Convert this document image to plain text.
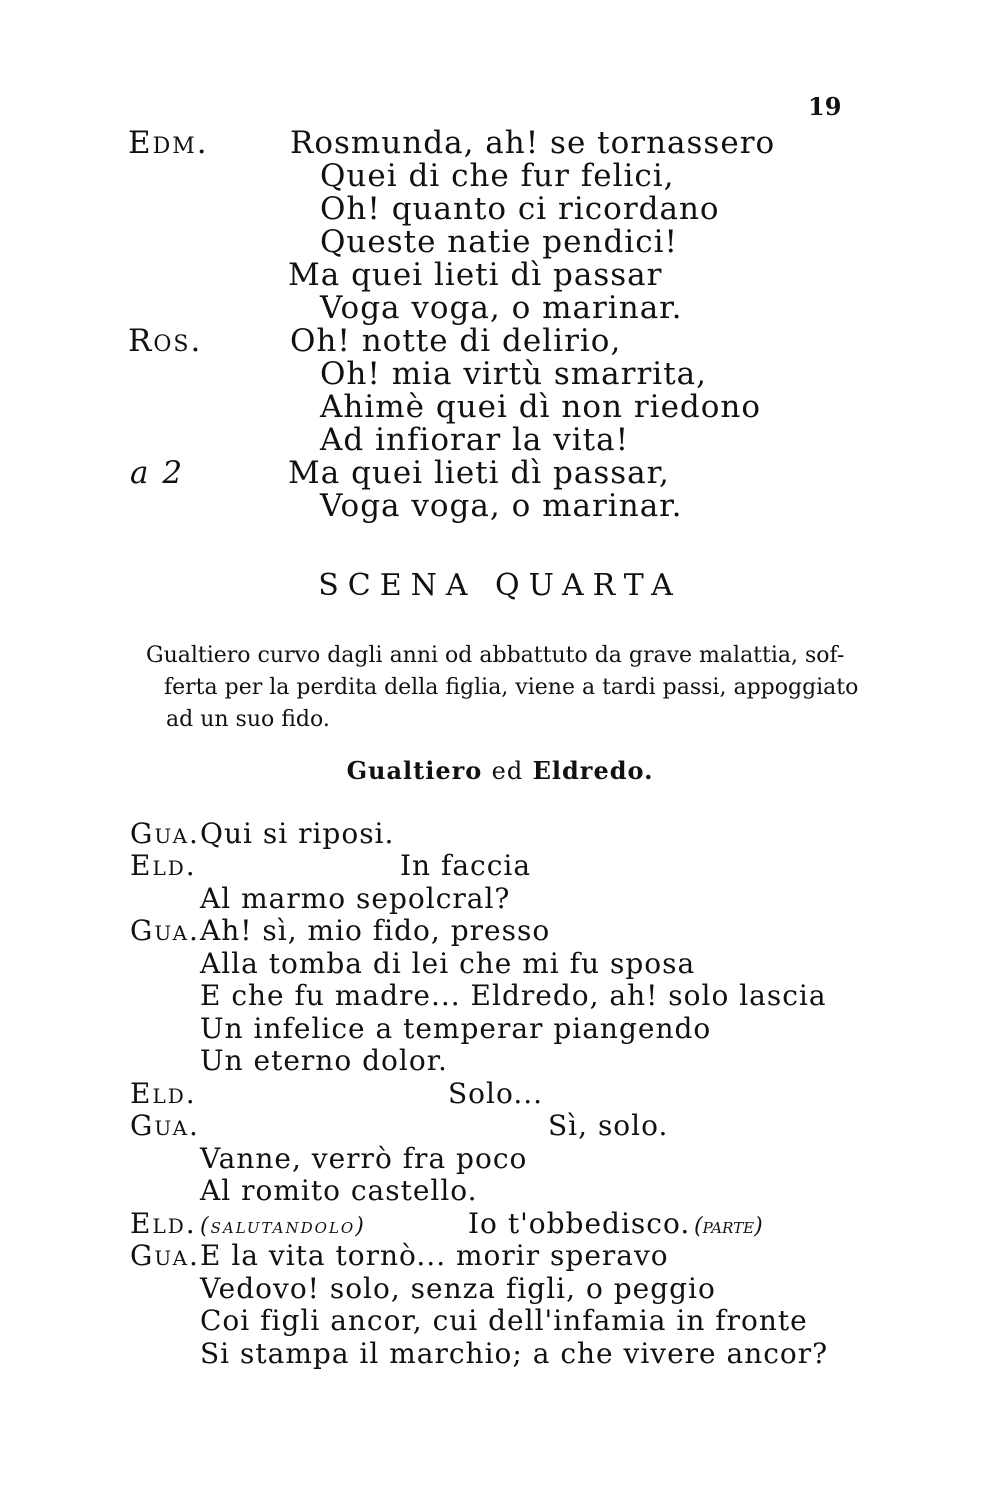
19
Edm.	Rosmunda, ah! se tornassero
Quei di che fur felici,
Oh! quanto ci ricordano
Queste natie pendici!
Ma quei lieti dì passar
Voga voga, o marinar.
Ros.	Oh! notte di delirio,
Oh! mia virtù smarrita,
Ahimè quei dì non riedono
Ad infiorar la vita!
a 2	Ma quei lieti dì passar,
Voga voga, o marinar.
SCENA QUARTA

Gualtiero curvo dagli anni od abbattuto da grave malattia, sof-

ferta per la perdita della figlia, viene a tardi passi, appoggiato

ad un suo fido.

Gualtiero ed Eldredo.
Gua. Qui si riposi.
Eld.	In faccia
Al marmo sepolcral?
Gua. Ah! sì, mio fido, presso
Alla tomba di lei che mi fu sposa
E che fu madre... Eldredo, ah! solo lascia
Un infelice a temperar piangendo
Un eterno dolor.
Eld.	Solo...
Gua.	Sì, solo.
Vanne, verrò fra poco
Al romito castello.
Eld. (salutandolo)	Io t'obbedisco. (parte)
Gua. E la vita tornò... morir speravo
Vedovo! solo, senza figli, o peggio
Coi figli ancor, cui dell'infamia in fronte
Si stampa il marchio; a che vivere ancor?
